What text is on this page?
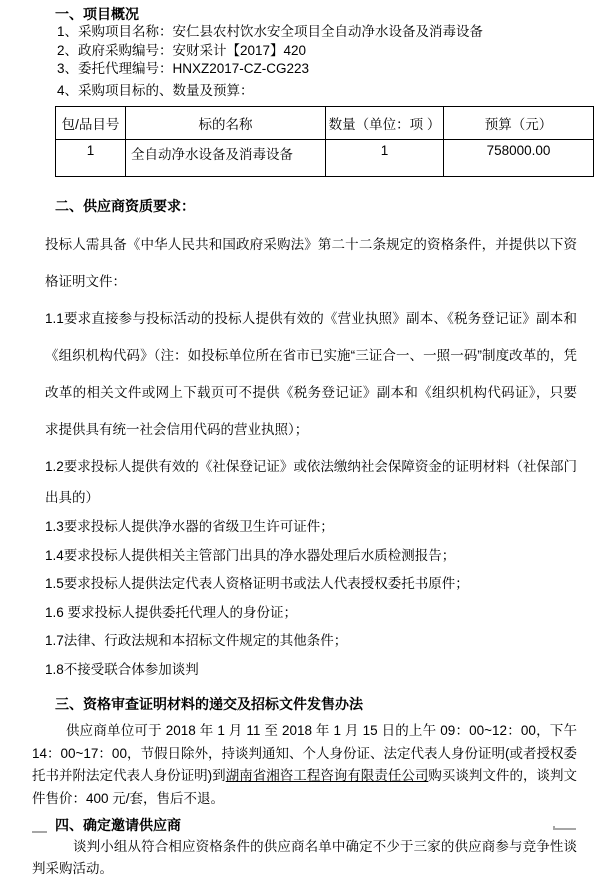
一、项目概况

1、采购项目名称：安仁县农村饮水安全项目全自动净水设备及消毒设备

2、政府采购编号：安财采计【2017】420

3、委托代理编号：HNXZ2017-CZ-CG223

4、采购项目标的、数量及预算：

包/品目号	标的名称	数量（单位：项 ）	预算（元）
1	全自动净水设备及消毒设备	1	758000.00

二、供应商资质要求：

投标人需具备《中华人民共和国政府采购法》第二十二条规定的资格条件，并提供以下资格证明文件：

1.1要求直接参与投标活动的投标人提供有效的《营业执照》副本、《税务登记证》副本和《组织机构代码》（注：如投标单位所在省市已实施“三证合一、一照一码”制度改革的，凭改革的相关文件或网上下载页可不提供《税务登记证》副本和《组织机构代码证》，只要求提供具有统一社会信用代码的营业执照）；

1.2要求投标人提供有效的《社保登记证》或依法缴纳社会保障资金的证明材料（社保部门出具的）

1.3要求投标人提供净水器的省级卫生许可证件；

1.4要求投标人提供相关主管部门出具的净水器处理后水质检测报告；

1.5要求投标人提供法定代表人资格证明书或法人代表授权委托书原件；

1.6 要求投标人提供委托代理人的身份证；

1.7法律、行政法规和本招标文件规定的其他条件；

1.8不接受联合体参加谈判

三、资格审查证明材料的递交及招标文件发售办法

供应商单位可于 2018 年 1 月 11 至 2018 年 1 月 15 日的上午 09：00~12：00，下午 14：00~17：00，节假日除外，持谈判通知、个人身份证、法定代表人身份证明(或者授权委托书并附法定代表人身份证明)到湖南省湘咨工程咨询有限责任公司购买谈判文件的，谈判文件售价：400 元/套，售后不退。

四、确定邀请供应商

谈判小组从符合相应资格条件的供应商名单中确定不少于三家的供应商参与竞争性谈判采购活动。
